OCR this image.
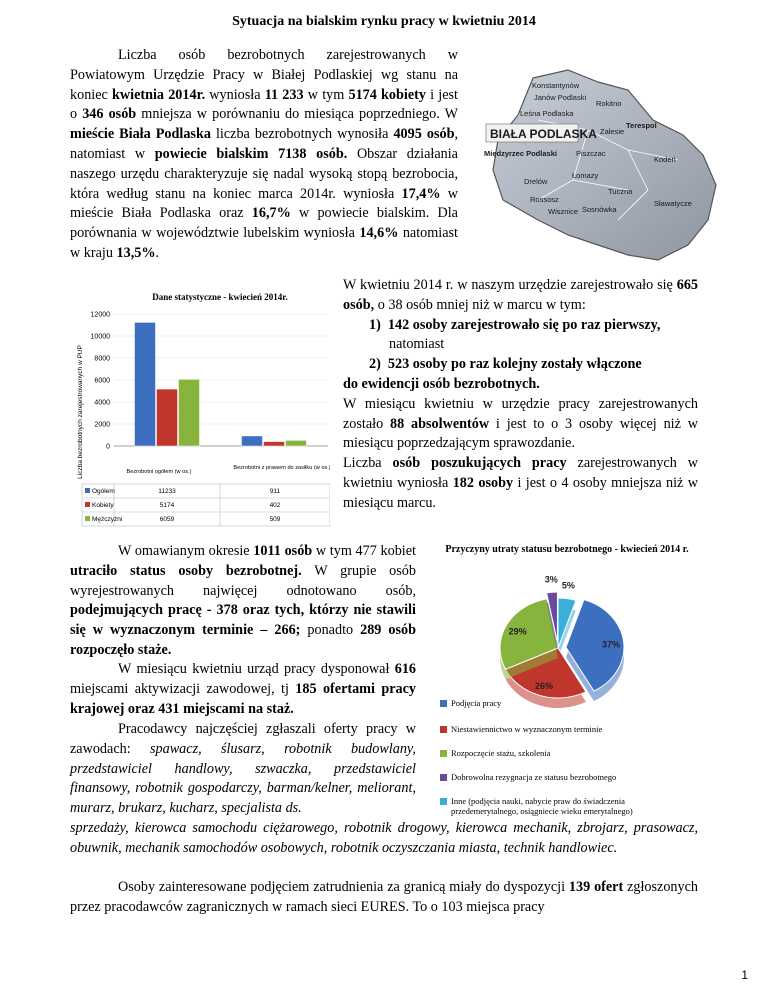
Sytuacja na bialskim rynku pracy w kwietniu 2014
Liczba osób bezrobotnych zarejestrowanych w Powiatowym Urzędzie Pracy w Białej Podlaskiej wg stanu na koniec kwietnia 2014r. wyniosła 11 233 w tym 5174 kobiety i jest o 346 osób mniejsza w porównaniu do miesiąca poprzedniego. W mieście Biała Podlaska liczba bezrobotnych wynosiła 4095 osób, natomiast w powiecie bialskim 7138 osób. Obszar działania naszego urzędu charakteryzuje się nadal wysoką stopą bezrobocia, która według stanu na koniec marca 2014r. wyniosła 17,4% w mieście Biała Podlaska oraz 16,7% w powiecie bialskim. Dla porównania w województwie lubelskim wyniosła 14,6% natomiast w kraju 13,5%.
BIAŁA PODLASKA
Konstantynów
Janów Podlaski
Rokitno
Leśna Podlaska
Terespol
Zalesie
Międzyrzec Podlaski	Piszczac
Kodeń
Łomazy
Drelów
Rossosz
Tuczna
Sosnówka
Wisznice
Sławatycze
Dane statystyczne - kwiecień 2014r.
Liczba bezrobotnych zarejestrowanych w PUP	0
2000
4000
6000
8000
10000
12000
Bezrobotni ogółem (w os.)
Bezrobotni z prawem do zasiłku (w os.)
Ogółem
Kobiety
Mężczyźni
11233
5174
6059
911
402
509
W kwietniu 2014 r. w naszym urzędzie zarejestrowało się 665 osób, o 38 osób mniej niż w marcu w tym:
1) 142 osoby zarejestrowało się po raz pierwszy,
natomiast
2) 523 osoby po raz kolejny zostały włączone
do ewidencji osób bezrobotnych.
W miesiącu kwietniu w urzędzie pracy zarejestrowanych zostało 88 absolwentów i jest to o 3 osoby więcej niż w miesiącu poprzedzającym sprawozdanie.
Liczba osób poszukujących pracy zarejestrowanych w kwietniu wyniosła 182 osoby i jest o 4 osoby mniejsza niż w miesiącu marcu.
Przyczyny utraty statusu bezrobotnego - kwiecień 2014 r.
5%
37%
26%
29%
3%
Podjęcia pracy
Niestawiennictwo w wyznaczonym terminie
Rozpoczęcie stażu, szkolenia
Dobrowolna rezygnacja ze statusu bezrobotnego
Inne (podjęcia nauki, nabycie praw do świadczenia przedemerytalnego, osiągniecie wieku emerytalnego)
W omawianym okresie 1011 osób w tym 477 kobiet utraciło status osoby bezrobotnej. W grupie osób wyrejestrowanych najwięcej odnotowano osób, podejmujących pracę - 378 oraz tych, którzy nie stawili się w wyznaczonym terminie – 266; ponadto 289 osób rozpoczęło staże.
W miesiącu kwietniu urząd pracy dysponował 616 miejscami aktywizacji zawodowej, tj 185 ofertami pracy krajowej oraz 431 miejscami na staż.
Pracodawcy najczęściej zgłaszali oferty pracy w zawodach: spawacz, ślusarz, robotnik budowlany, przedstawiciel handlowy, szwaczka, przedstawiciel finansowy, robotnik gospodarczy, barman/kelner, meliorant, murarz, brukarz, kucharz, specjalista ds.
sprzedaży, kierowca samochodu ciężarowego, robotnik drogowy, kierowca mechanik, zbrojarz, prasowacz, obuwnik, mechanik samochodów osobowych, robotnik oczyszczania miasta, technik handlowiec.
Osoby zainteresowane podjęciem zatrudnienia za granicą miały do dyspozycji 139 ofert zgłoszonych przez pracodawców zagranicznych w ramach sieci EURES. To o 103 miejsca pracy
1
